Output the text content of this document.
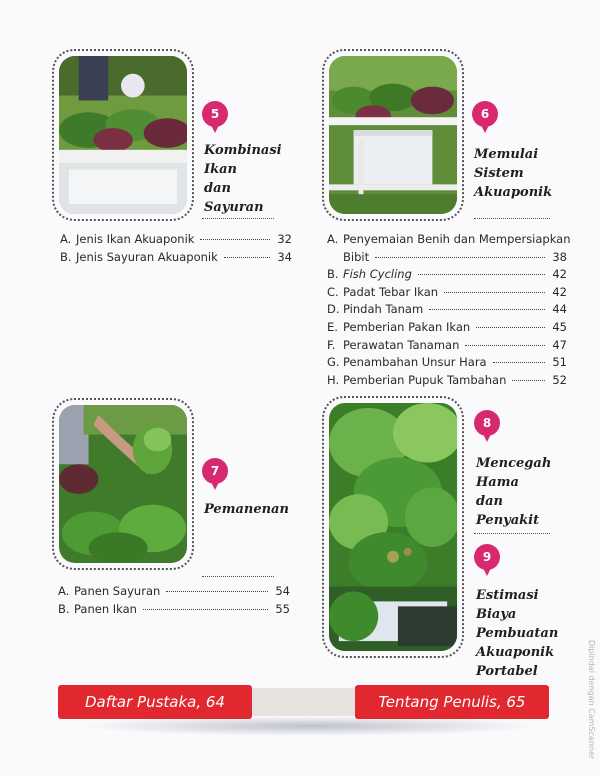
5
Kombinasi
Ikan
dan
Sayuran
A. Jenis Ikan Akuaponik	32
B. Jenis Sayuran Akuaponik	34
6
Memulai
Sistem
Akuaponik
A. Penyemaian Benih dan Mempersiapkan
Bibit	38
B. Fish Cycling	42
C. Padat Tebar Ikan	42
D. Pindah Tanam	44
E. Pemberian Pakan Ikan	45
F. Perawatan Tanaman	47
G. Penambahan Unsur Hara	51
H. Pemberian Pupuk Tambahan	52
7
Pemanenan
A. Panen Sayuran	54
B. Panen Ikan	55
8
Mencegah
Hama
dan
Penyakit
9
Estimasi
Biaya Pembuatan
Akuaponik
Portabel
Daftar Pustaka, 64	Tentang Penulis, 65	Dipindai dengan CamScanner
